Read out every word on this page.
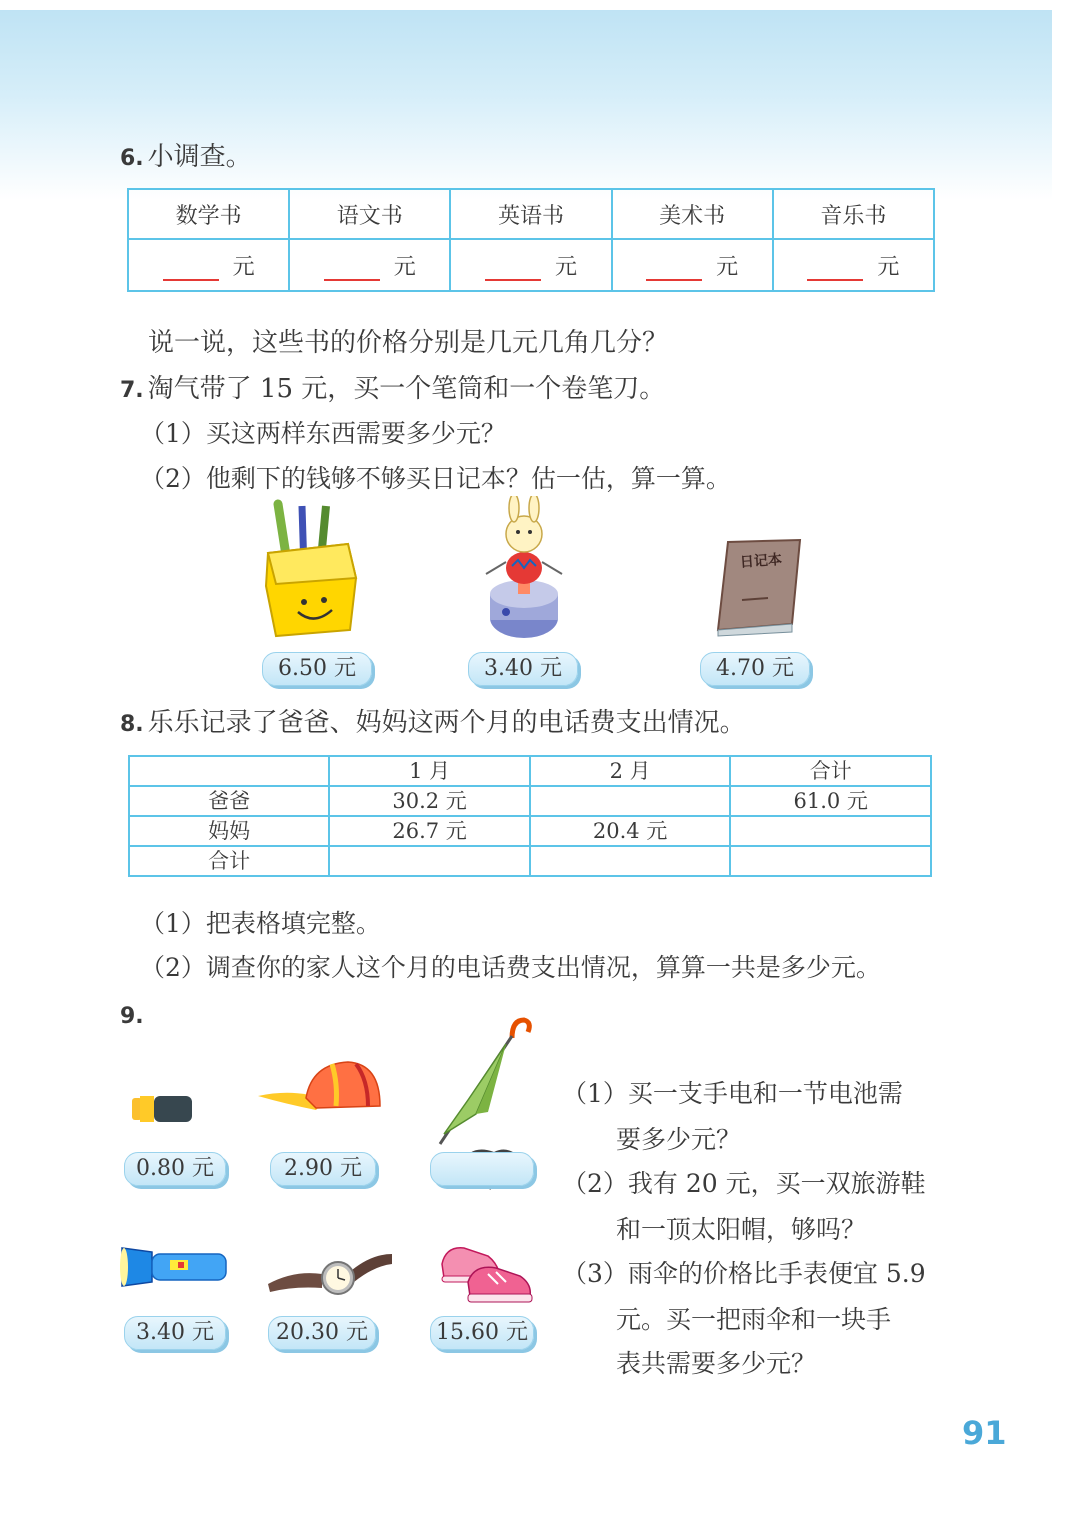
6. 小调查。
数学书	语文书	英语书	美术书	音乐书
元	元	元	元	元
说一说，这些书的价格分别是几元几角几分？
7. 淘气带了 15 元，买一个笔筒和一个卷笔刀。
（1）买这两样东西需要多少元？
（2）他剩下的钱够不够买日记本？估一估，算一算。
日记本
6.50 元	3.40 元	4.70 元
8. 乐乐记录了爸爸、妈妈这两个月的电话费支出情况。
	1 月	2 月	合计
爸爸	30.2 元		61.0 元
妈妈	26.7 元	20.4 元	
合计			
（1）把表格填完整。
（2）调查你的家人这个月的电话费支出情况，算算一共是多少元。
9.
0.80 元	2.90 元
3.40 元	20.30 元	15.60 元
（1）买一支手电和一节电池需
要多少元？
（2）我有 20 元，买一双旅游鞋
和一顶太阳帽，够吗？
（3）雨伞的价格比手表便宜 5.9
元。买一把雨伞和一块手
表共需要多少元？
91
